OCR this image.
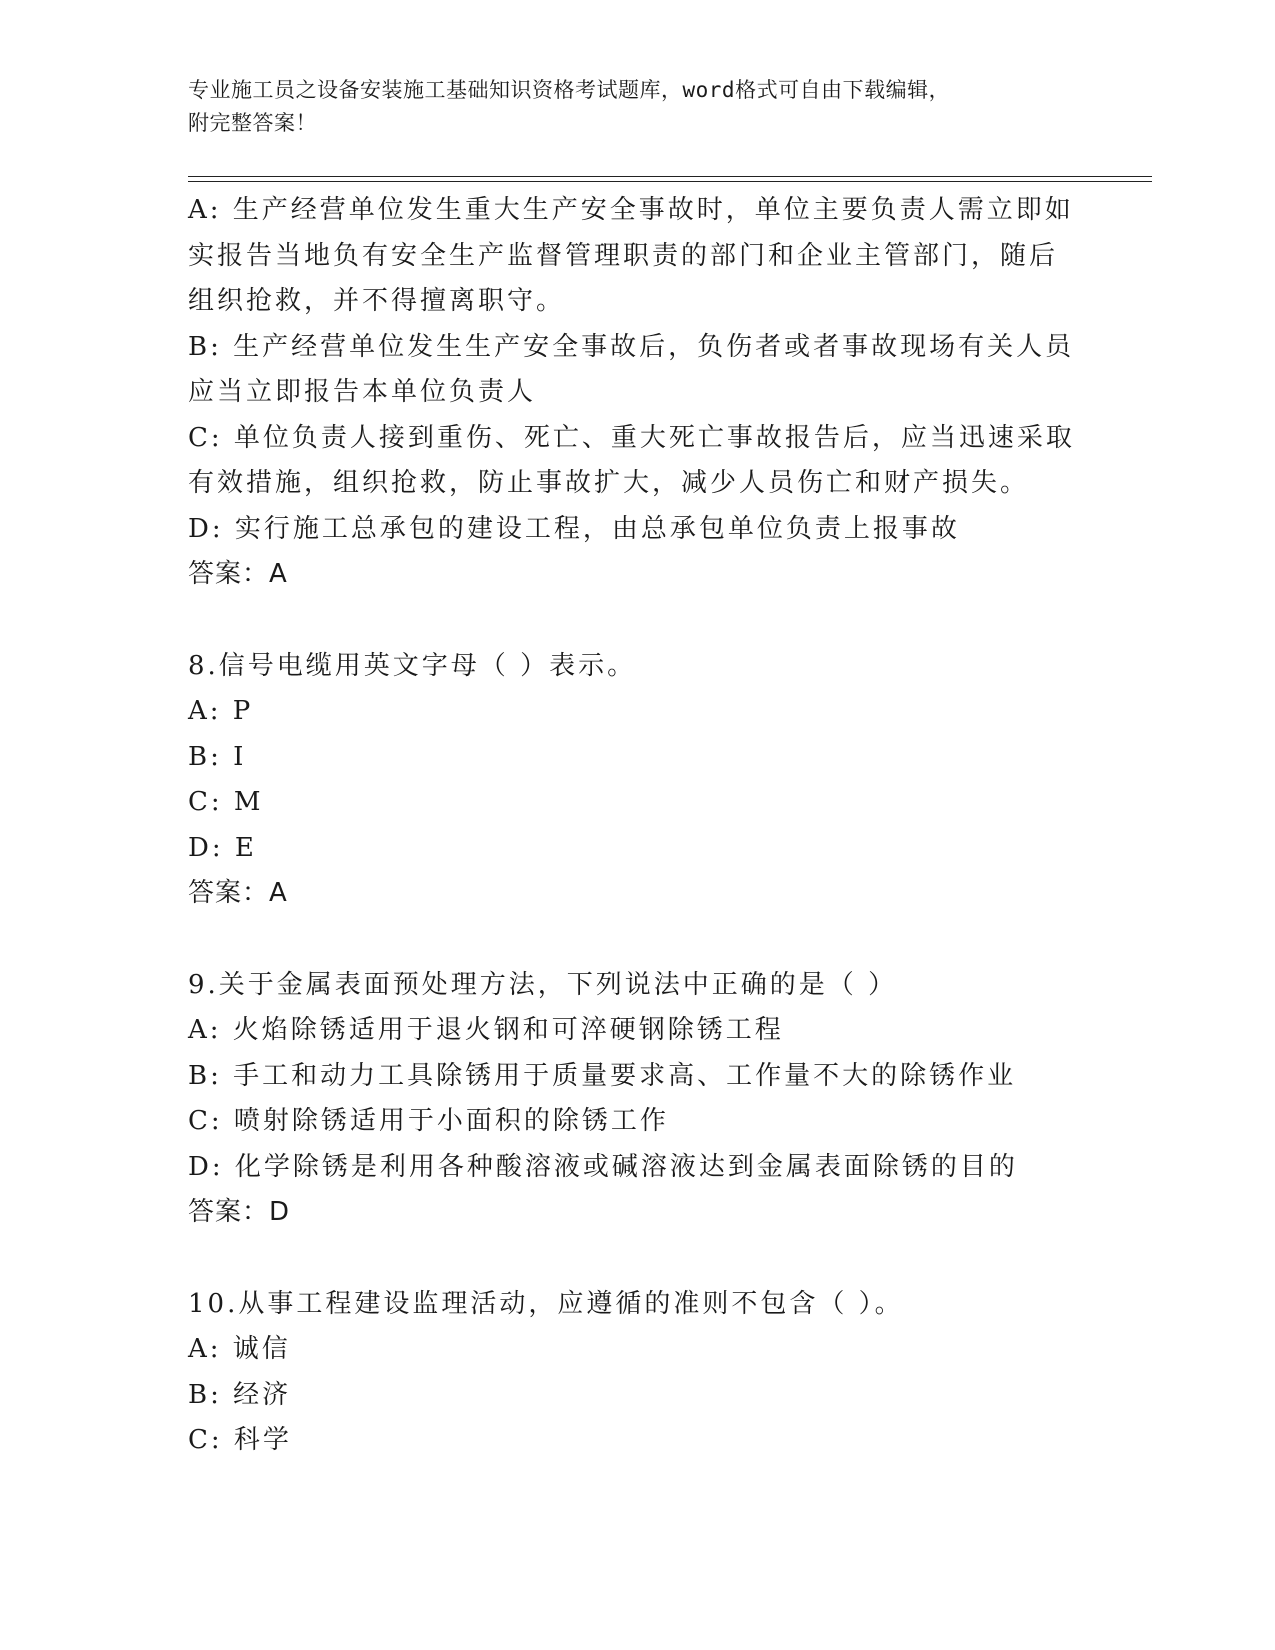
专业施工员之设备安装施工基础知识资格考试题库，word格式可自由下载编辑，
附完整答案！
A: 生产经营单位发生重大生产安全事故时，单位主要负责人需立即如
实报告当地负有安全生产监督管理职责的部门和企业主管部门，随后
组织抢救，并不得擅离职守。
B: 生产经营单位发生生产安全事故后，负伤者或者事故现场有关人员
应当立即报告本单位负责人
C: 单位负责人接到重伤、死亡、重大死亡事故报告后，应当迅速采取
有效措施，组织抢救，防止事故扩大，减少人员伤亡和财产损失。
D: 实行施工总承包的建设工程，由总承包单位负责上报事故
答案：A
8.信号电缆用英文字母（ ）表示。
A: P
B: I
C: M
D: E
答案：A
9.关于金属表面预处理方法，下列说法中正确的是（ ）
A: 火焰除锈适用于退火钢和可淬硬钢除锈工程
B: 手工和动力工具除锈用于质量要求高、工作量不大的除锈作业
C: 喷射除锈适用于小面积的除锈工作
D: 化学除锈是利用各种酸溶液或碱溶液达到金属表面除锈的目的
答案：D
10.从事工程建设监理活动，应遵循的准则不包含（ ）。
A: 诚信
B: 经济
C: 科学
